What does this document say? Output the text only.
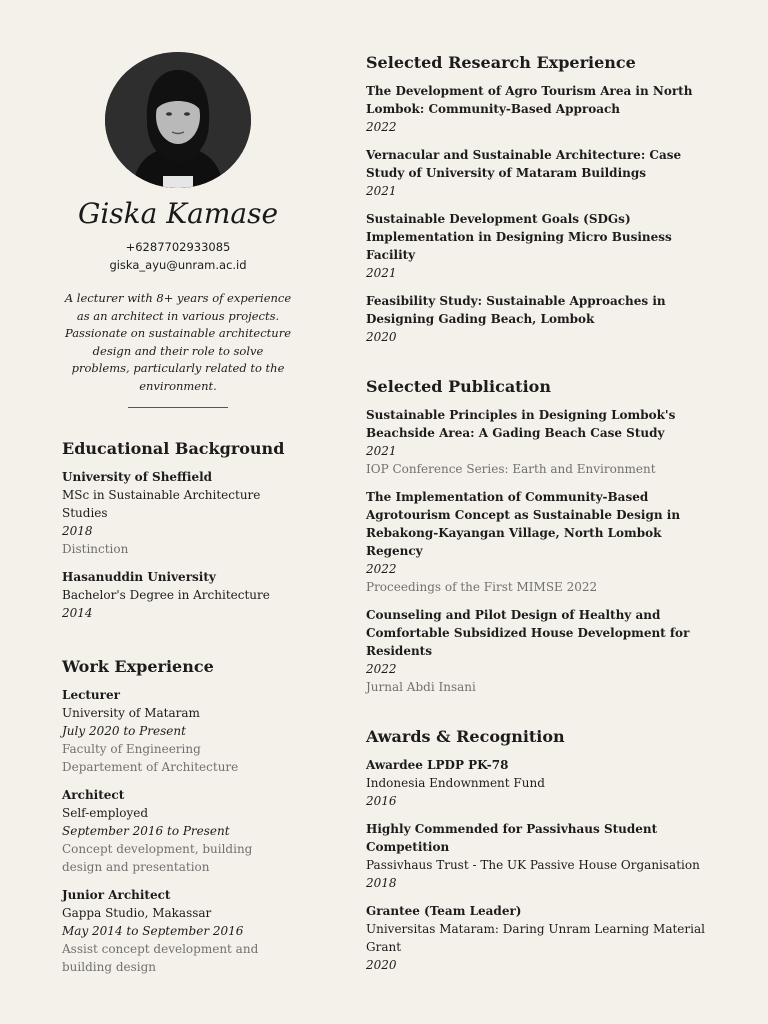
Giska Kamase
+6287702933085
giska_ayu@unram.ac.id
A lecturer with 8+ years of experience as an architect in various projects. Passionate on sustainable architecture design and their role to solve problems, particularly related to the environment.
Educational Background
University of Sheffield
MSc in Sustainable Architecture Studies
2018
Distinction
Hasanuddin University
Bachelor's Degree in Architecture
2014
Work Experience
Lecturer
University of Mataram
July 2020 to Present
Faculty of Engineering
Departement of Architecture
Architect
Self-employed
September 2016 to Present
Concept development, building design and presentation
Junior Architect
Gappa Studio, Makassar
May 2014 to September 2016
Assist concept development and building design
Selected Research Experience
The Development of Agro Tourism Area in North Lombok: Community-Based Approach
2022
Vernacular and Sustainable Architecture: Case Study of University of Mataram Buildings
2021
Sustainable Development Goals (SDGs) Implementation in Designing Micro Business Facility
2021
Feasibility Study: Sustainable Approaches in Designing Gading Beach, Lombok
2020
Selected Publication
Sustainable Principles in Designing Lombok's Beachside Area: A Gading Beach Case Study
2021
IOP Conference Series: Earth and Environment
The Implementation of Community-Based Agrotourism Concept as Sustainable Design in Rebakong-Kayangan Village, North Lombok Regency
2022
Proceedings of the First MIMSE 2022
Counseling and Pilot Design of Healthy and Comfortable Subsidized House Development for Residents
2022
Jurnal Abdi Insani
Awards & Recognition
Awardee LPDP PK-78
Indonesia Endownment Fund
2016
Highly Commended for Passivhaus Student Competition
Passivhaus Trust - The UK Passive House Organisation
2018
Grantee (Team Leader)
Universitas Mataram: Daring Unram Learning Material Grant
2020
